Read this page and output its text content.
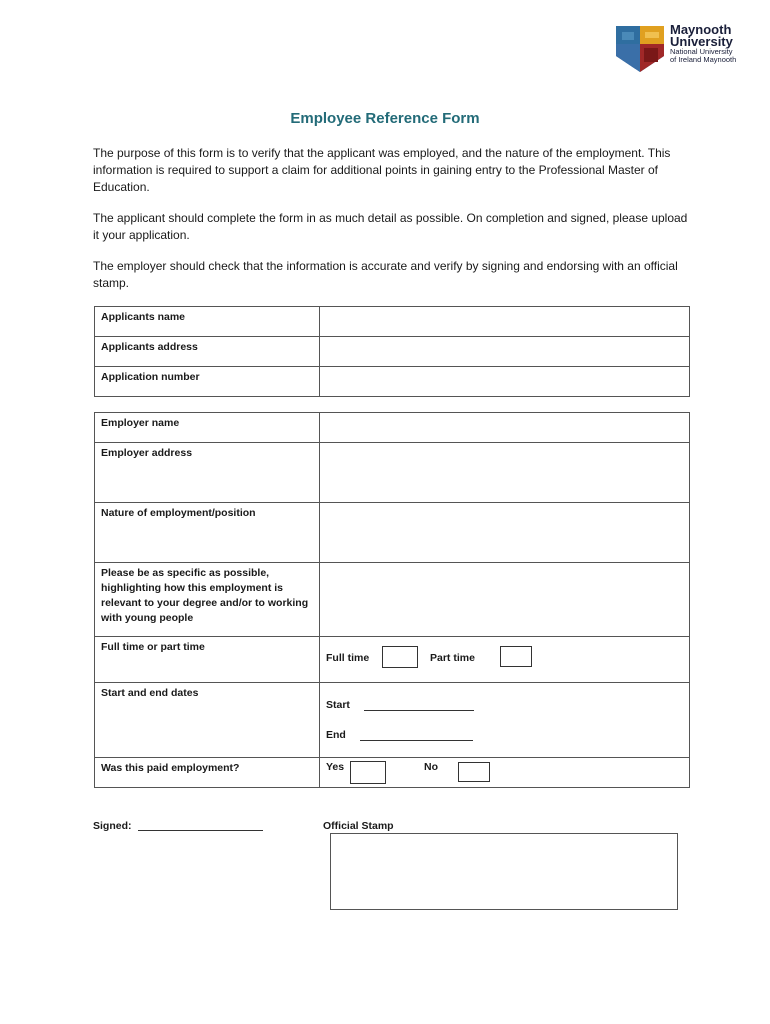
Maynooth
University
National University
of Ireland Maynooth
Employee Reference Form

The purpose of this form is to verify that the applicant was employed, and the nature of the employment. This information is required to support a claim for additional points in gaining entry to the Professional Master of Education.

The applicant should complete the form in as much detail as possible. On completion and signed, please upload it your application.

The employer should check that the information is accurate and verify by signing and endorsing with an official stamp.

Applicants name	
Applicants address	
Application number	
Employer name	
Employer address	
Nature of employment/position	
Please be as specific as possible, highlighting how this employment is relevant to your degree and/or to working with young people	
Full time or part time	Full time Part time

Start and end dates	Start
End

Was this paid employment?	Yes No
Signed:	Official Stamp
